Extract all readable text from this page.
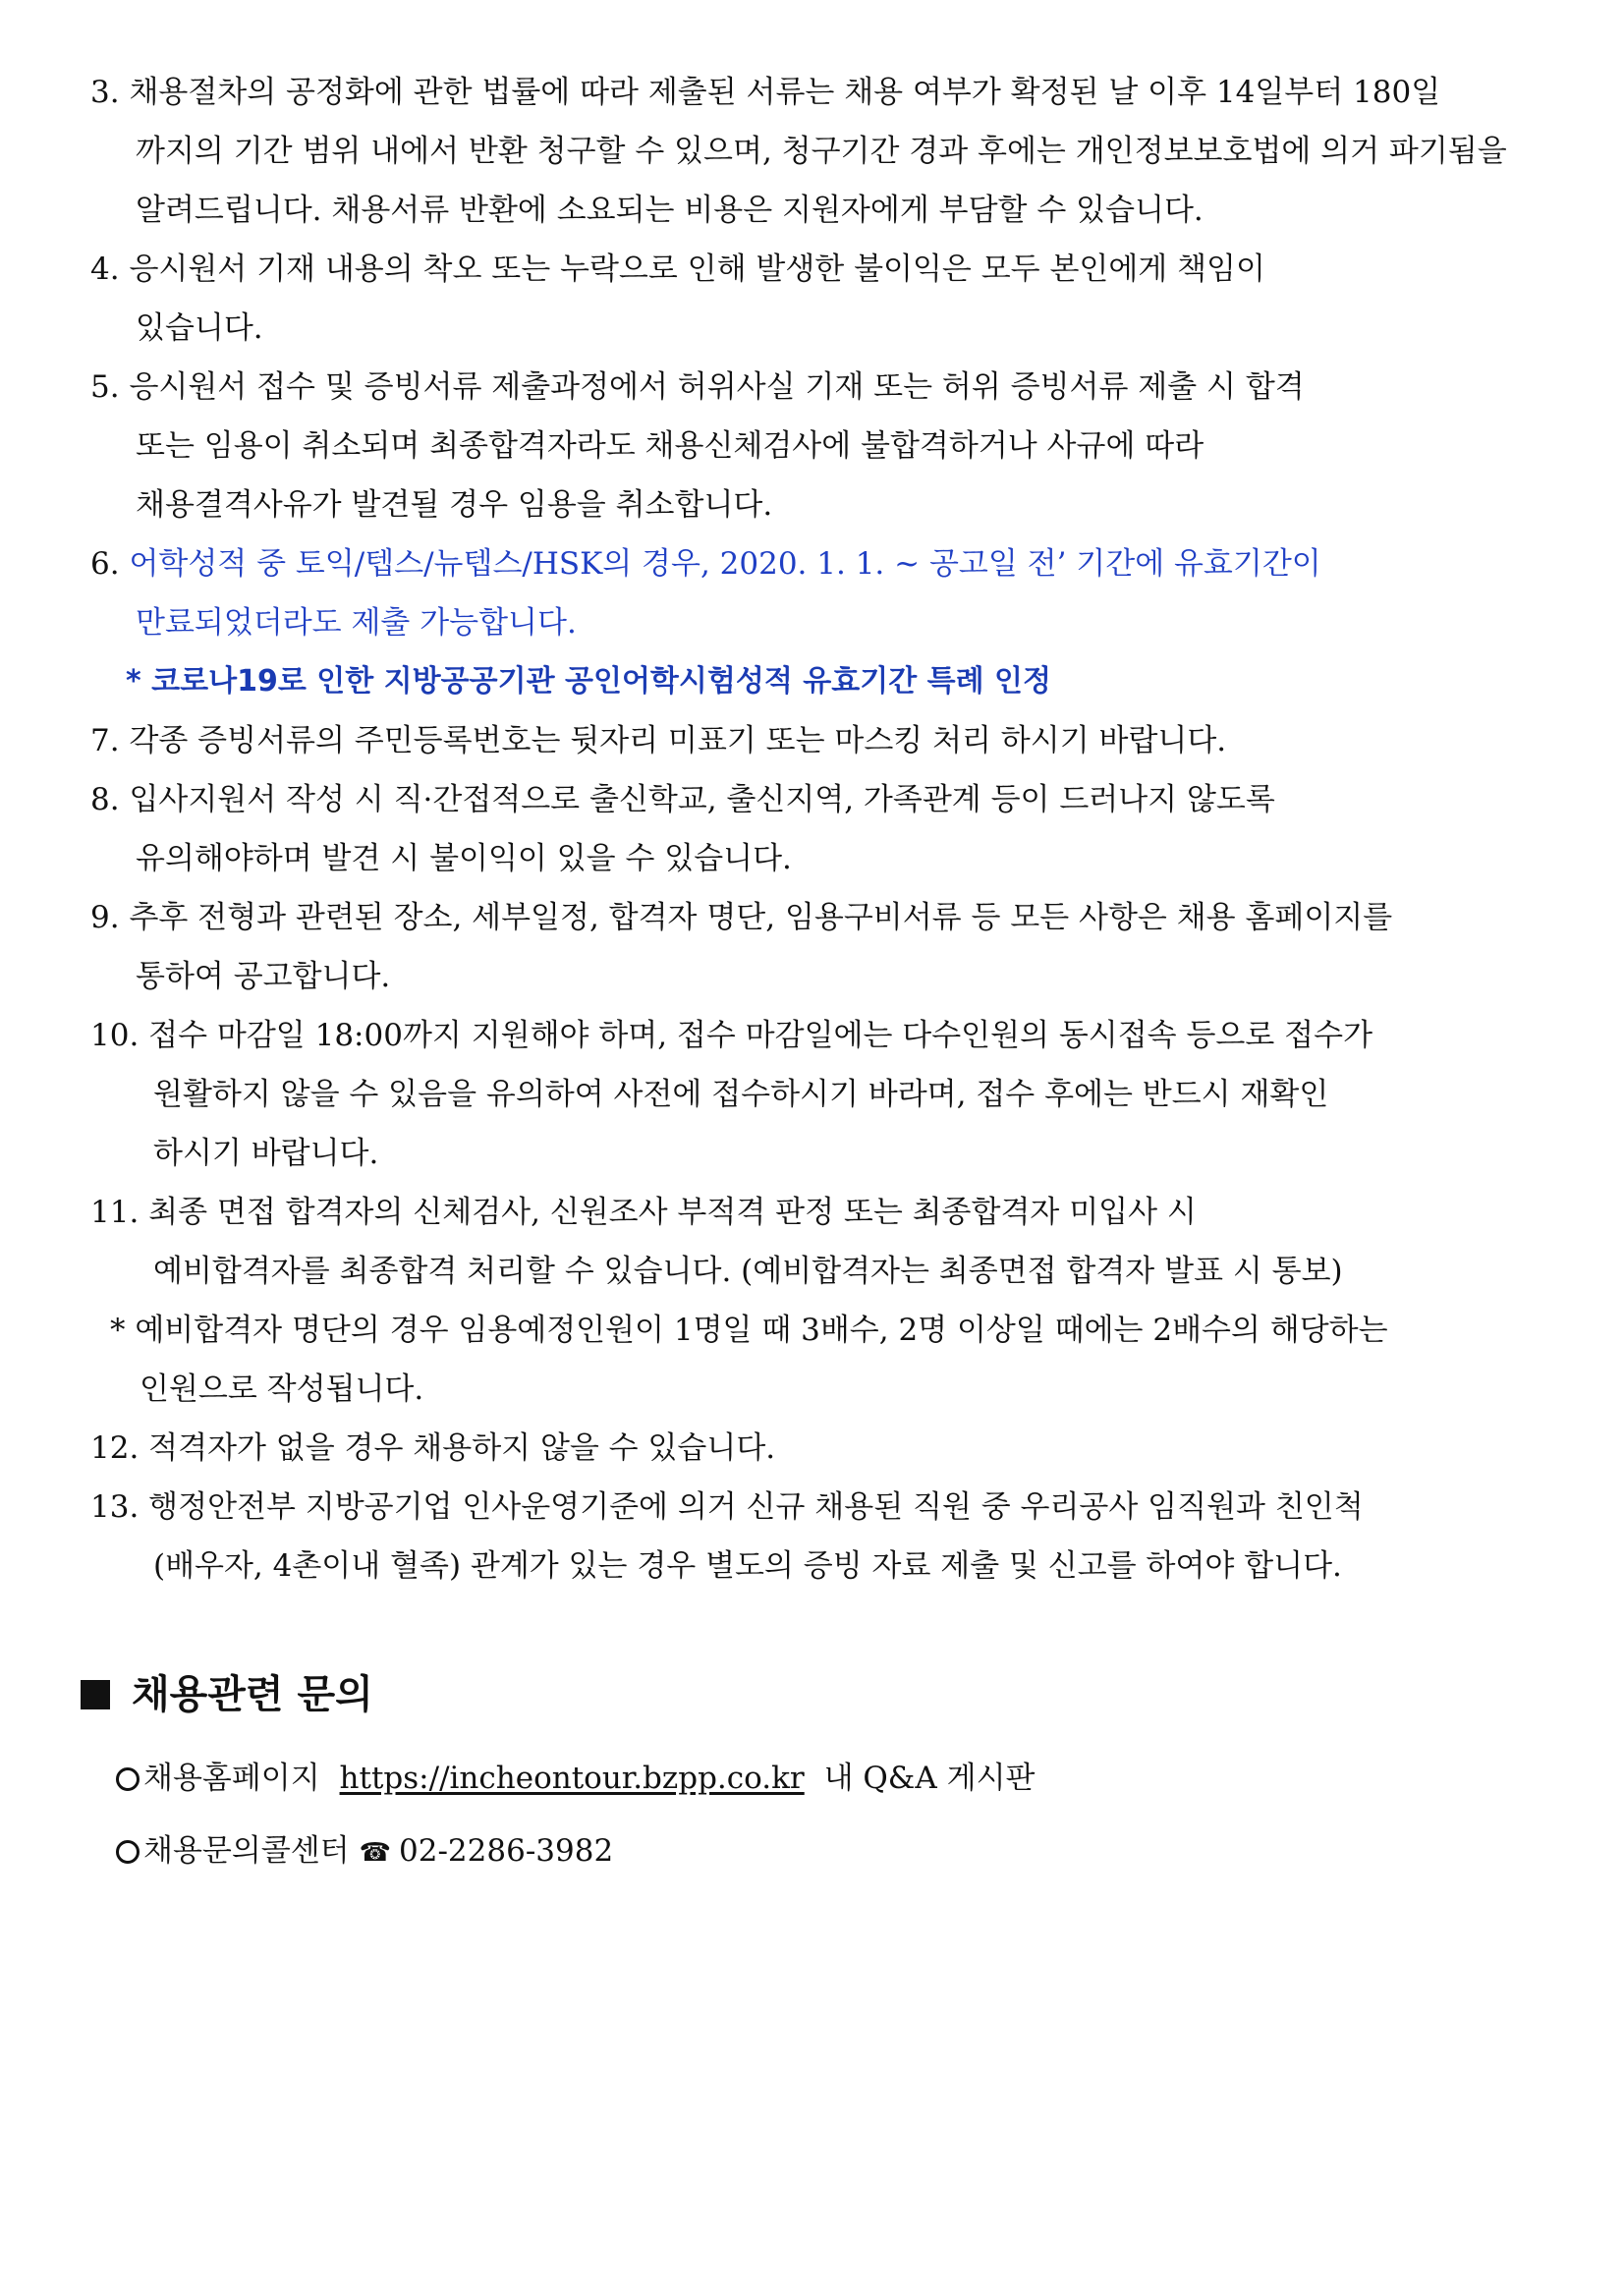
3. 채용절차의 공정화에 관한 법률에 따라 제출된 서류는 채용 여부가 확정된 날 이후 14일부터 180일
까지의 기간 범위 내에서 반환 청구할 수 있으며, 청구기간 경과 후에는 개인정보보호법에 의거 파기됨을
알려드립니다. 채용서류 반환에 소요되는 비용은 지원자에게 부담할 수 있습니다.
4. 응시원서 기재 내용의 착오 또는 누락으로 인해 발생한 불이익은 모두 본인에게 책임이
있습니다.
5. 응시원서 접수 및 증빙서류 제출과정에서 허위사실 기재 또는 허위 증빙서류 제출 시 합격
또는 임용이 취소되며 최종합격자라도 채용신체검사에 불합격하거나 사규에 따라
채용결격사유가 발견될 경우 임용을 취소합니다.
6. 어학성적 중 토익/텝스/뉴텝스/HSK의 경우, 2020. 1. 1. ~ 공고일 전’ 기간에 유효기간이
만료되었더라도 제출 가능합니다.
* 코로나19로 인한 지방공공기관 공인어학시험성적 유효기간 특례 인정
7. 각종 증빙서류의 주민등록번호는 뒷자리 미표기 또는 마스킹 처리 하시기 바랍니다.
8. 입사지원서 작성 시 직·간접적으로 출신학교, 출신지역, 가족관계 등이 드러나지 않도록
유의해야하며 발견 시 불이익이 있을 수 있습니다.
9. 추후 전형과 관련된 장소, 세부일정, 합격자 명단, 임용구비서류 등 모든 사항은 채용 홈페이지를
통하여 공고합니다.
10. 접수 마감일 18:00까지 지원해야 하며, 접수 마감일에는 다수인원의 동시접속 등으로 접수가
원활하지 않을 수 있음을 유의하여 사전에 접수하시기 바라며, 접수 후에는 반드시 재확인
하시기 바랍니다.
11. 최종 면접 합격자의 신체검사, 신원조사 부적격 판정 또는 최종합격자 미입사 시
예비합격자를 최종합격 처리할 수 있습니다. (예비합격자는 최종면접 합격자 발표 시 통보)
* 예비합격자 명단의 경우 임용예정인원이 1명일 때 3배수, 2명 이상일 때에는 2배수의 해당하는
인원으로 작성됩니다.
12. 적격자가 없을 경우 채용하지 않을 수 있습니다.
13. 행정안전부 지방공기업 인사운영기준에 의거 신규 채용된 직원 중 우리공사 임직원과 친인척
(배우자, 4촌이내 혈족) 관계가 있는 경우 별도의 증빙 자료 제출 및 신고를 하여야 합니다.
채용관련 문의
채용홈페이지 https://incheontour.bzpp.co.kr 내 Q&A 게시판
채용문의콜센터 ☎ 02-2286-3982
